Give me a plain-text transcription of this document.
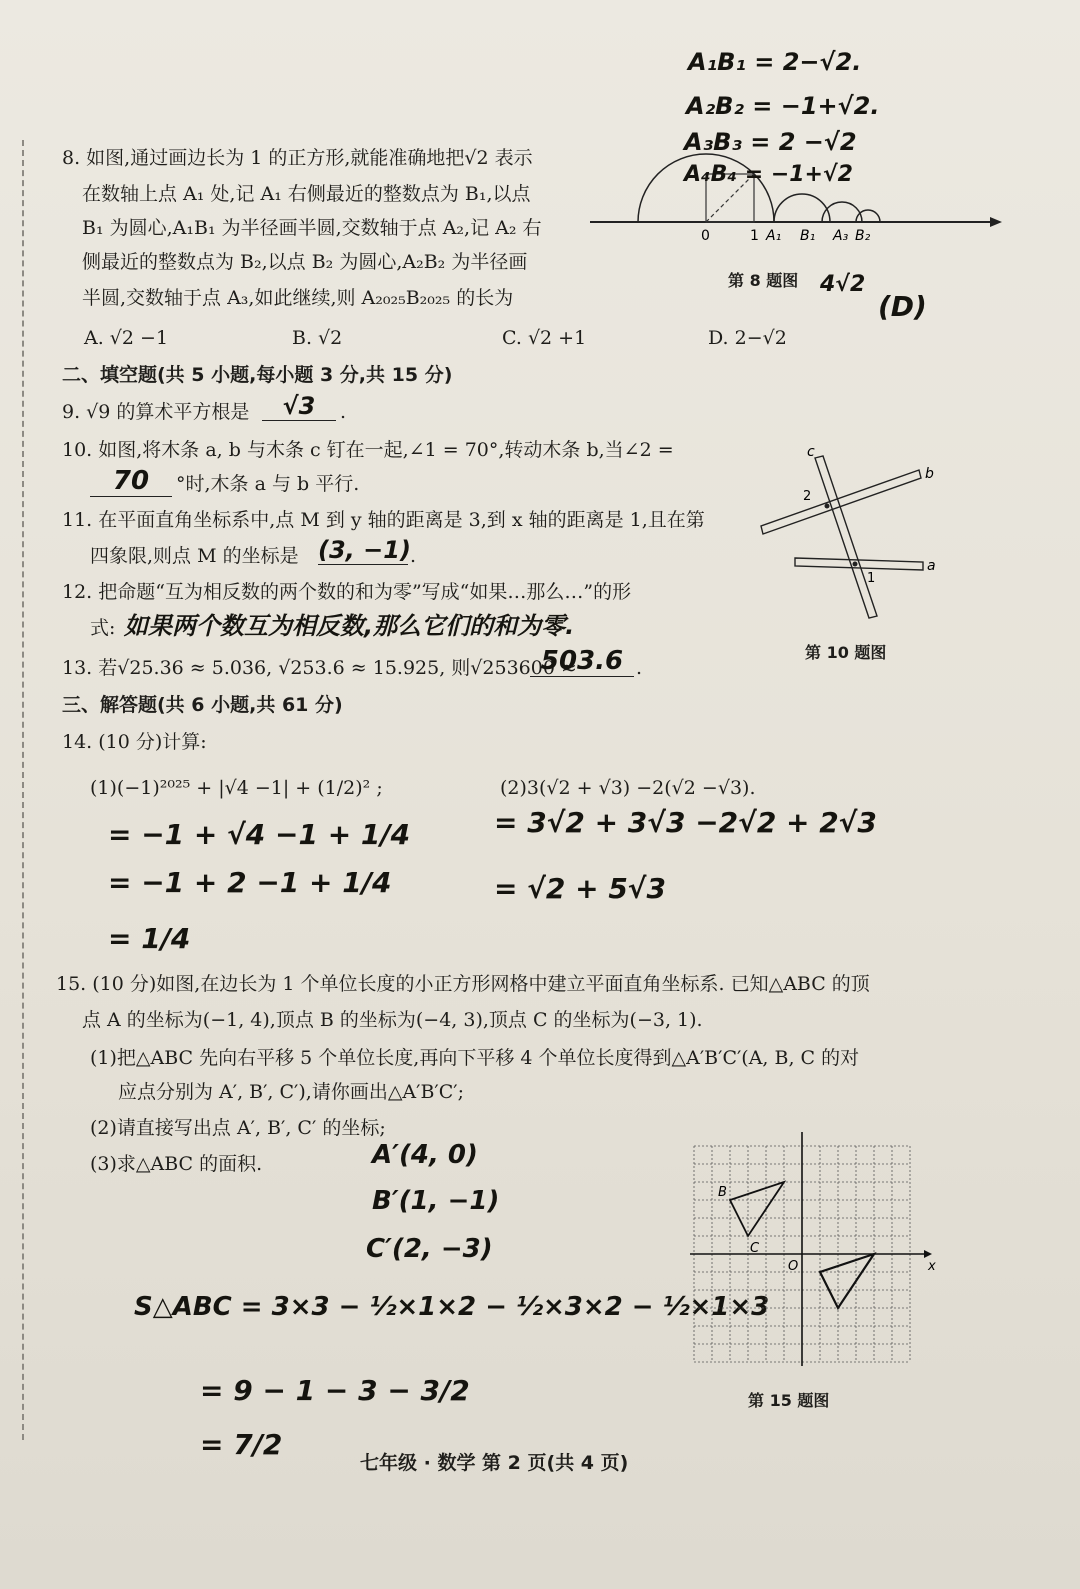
8. 如图,通过画边长为 1 的正方形,就能准确地把√2 表示
在数轴上点 A₁ 处,记 A₁ 右侧最近的整数点为 B₁,以点
B₁ 为圆心,A₁B₁ 为半径画半圆,交数轴于点 A₂,记 A₂ 右
侧最近的整数点为 B₂,以点 B₂ 为圆心,A₂B₂ 为半径画
半圆,交数轴于点 A₃,如此继续,则 A₂₀₂₅B₂₀₂₅ 的长为
A. √2 −1	B. √2	C. √2 +1	D. 2−√2
0	1 A₁ B₁ A₃ B₂
第 8 题图
A₁B₁ = 2−√2.
A₂B₂ = −1+√2.
A₃B₃ = 2 −√2
A₄B₄ = −1+√2
4√2
(D)
二、填空题(共 5 小题,每小题 3 分,共 15 分)
9. √9 的算术平方根是	√3	.
10. 如图,将木条 a, b 与木条 c 钉在一起,∠1 = 70°,转动木条 b,当∠2 =
70	°时,木条 a 与 b 平行.	b
a
c
2
1
第 10 题图
11. 在平面直角坐标系中,点 M 到 y 轴的距离是 3,到 x 轴的距离是 1,且在第
四象限,则点 M 的坐标是 (3, −1) .
12. 把命题“互为相反数的两个数的和为零”写成“如果…那么…”的形
式: 如果两个数互为相反数,那么它们的和为零.
13. 若√25.36 ≈ 5.036, √253.6 ≈ 15.925, 则√253600 ≈
503.6 .
三、解答题(共 6 小题,共 61 分)
14. (10 分)计算:
(1)(−1)²⁰²⁵ + |√4 −1| + (1/2)² ;	(2)3(√2 + √3) −2(√2 −√3).
= −1 + √4 −1 + 1/4
= −1 + 2 −1 + 1/4
= 1/4
= 3√2 + 3√3 −2√2 + 2√3
= √2 + 5√3
15. (10 分)如图,在边长为 1 个单位长度的小正方形网格中建立平面直角坐标系. 已知△ABC 的顶
点 A 的坐标为(−1, 4),顶点 B 的坐标为(−4, 3),顶点 C 的坐标为(−3, 1).
(1)把△ABC 先向右平移 5 个单位长度,再向下平移 4 个单位长度得到△A′B′C′(A, B, C 的对
应点分别为 A′, B′, C′),请你画出△A′B′C′;
(2)请直接写出点 A′, B′, C′ 的坐标;
(3)求△ABC 的面积.	A′(4, 0)
B′(1, −1)
C′(2, −3)
S△ABC = 3×3 − ½×1×2 − ½×3×2 − ½×1×3
= 9 − 1 − 3 − 3/2
= 7/2
B
C
O	x
第 15 题图
七年级 · 数学 第 2 页(共 4 页)
